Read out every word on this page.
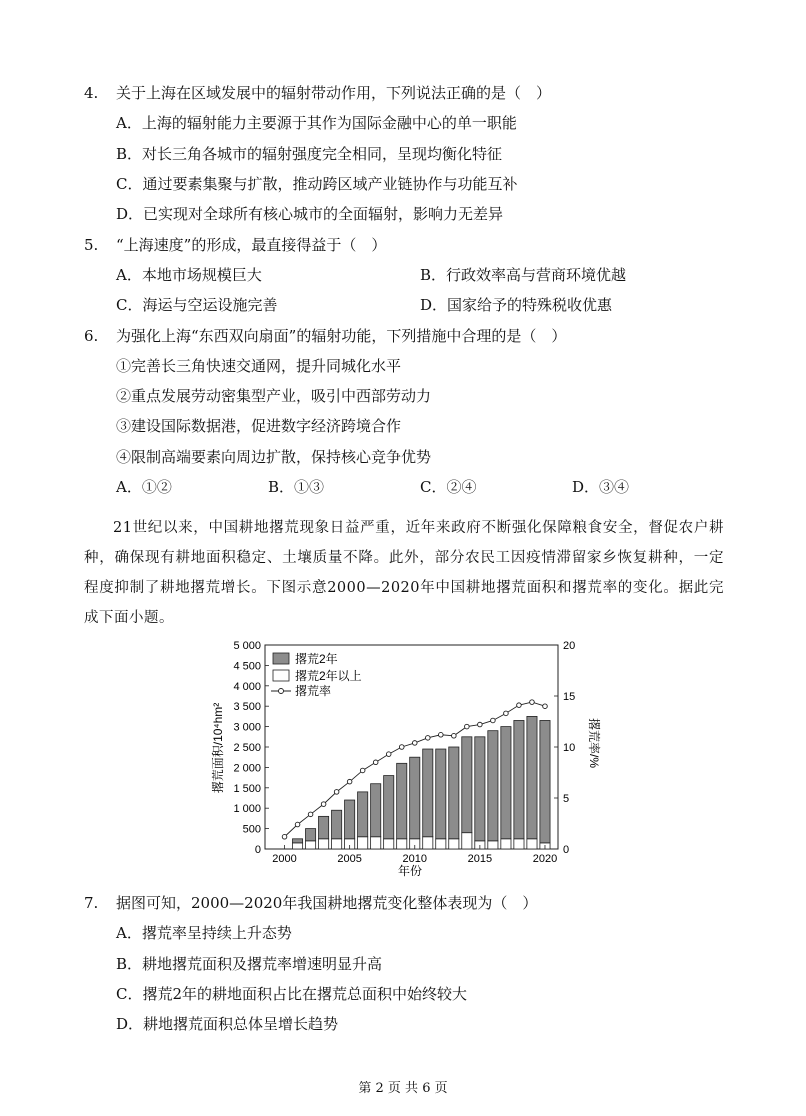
4. 关于上海在区域发展中的辐射带动作用，下列说法正确的是（　）
A．上海的辐射能力主要源于其作为国际金融中心的单一职能
B．对长三角各城市的辐射强度完全相同，呈现均衡化特征
C．通过要素集聚与扩散，推动跨区域产业链协作与功能互补
D．已实现对全球所有核心城市的全面辐射，影响力无差异
5. “上海速度”的形成，最直接得益于（　）
A．本地市场规模巨大	B．行政效率高与营商环境优越
C．海运与空运设施完善	D．国家给予的特殊税收优惠
6. 为强化上海“东西双向扇面”的辐射功能，下列措施中合理的是（　）
①完善长三角快速交通网，提升同城化水平
②重点发展劳动密集型产业，吸引中西部劳动力
③建设国际数据港，促进数字经济跨境合作
④限制高端要素向周边扩散，保持核心竞争优势
A．①②	B．①③	C．②④	D．③④

21世纪以来，中国耕地撂荒现象日益严重，近年来政府不断强化保障粮食安全，督促农户耕种，确保现有耕地面积稳定、土壤质量不降。此外，部分农民工因疫情滞留家乡恢复耕种，一定程度抑制了耕地撂荒增长。下图示意2000—2020年中国耕地撂荒面积和撂荒率的变化。据此完成下面小题。

0
500
1 000
1 500
2 000
2 500
3 000
3 500
4 000
4 500
5 000
0
5
10
15
20
2000	2005	2010	2015	2020
撂荒面积/10⁴hm²	撂荒率/%
年份
撂荒2年
撂荒2年以上
撂荒率
7. 据图可知，2000—2020年我国耕地撂荒变化整体表现为（　）
A．撂荒率呈持续上升态势
B．耕地撂荒面积及撂荒率增速明显升高
C．撂荒2年的耕地面积占比在撂荒总面积中始终较大
D．耕地撂荒面积总体呈增长趋势
第 2 页 共 6 页
